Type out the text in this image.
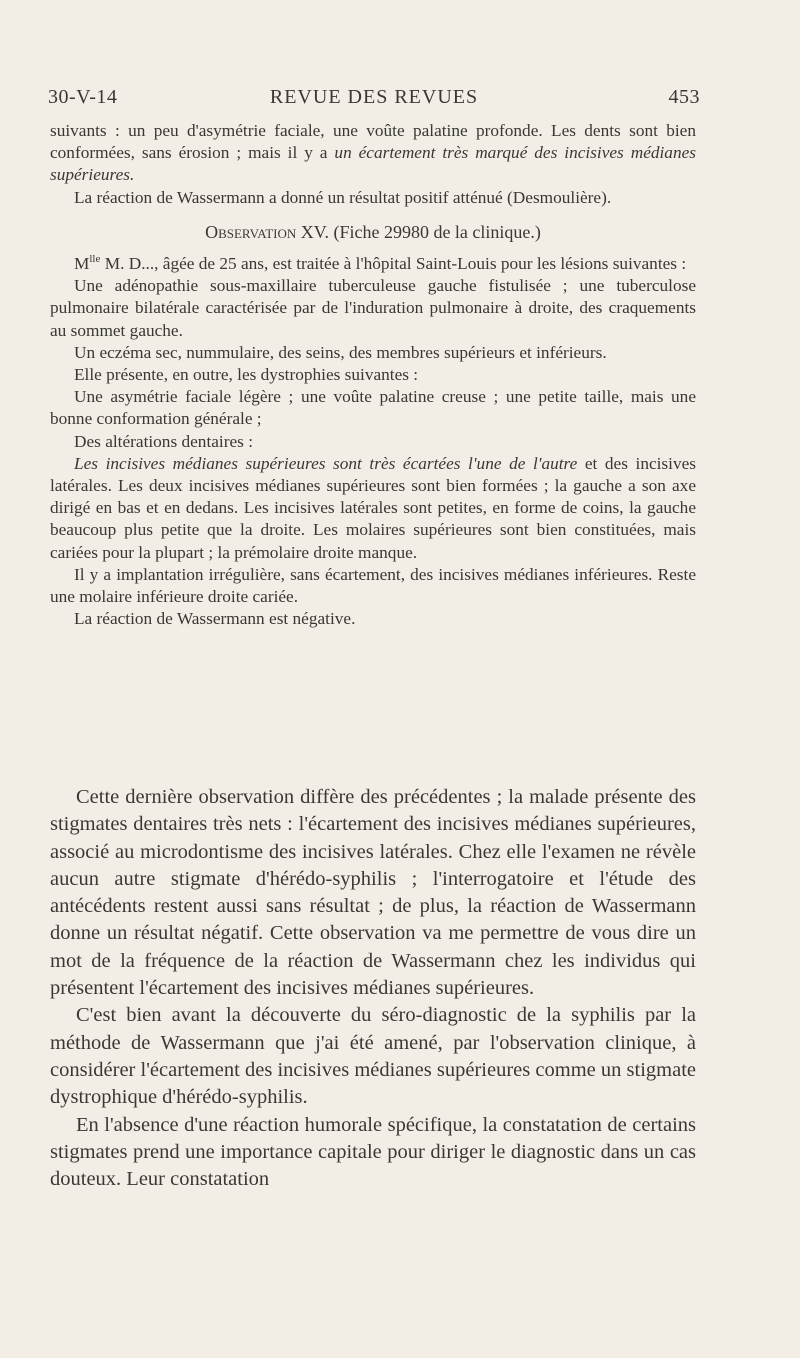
30-V-14	REVUE DES REVUES	453

suivants : un peu d'asymétrie faciale, une voûte palatine profonde. Les dents sont bien conformées, sans érosion ; mais il y a un écartement très marqué des incisives médianes supérieures.

La réaction de Wassermann a donné un résultat positif atténué (Desmoulière).

Observation XV. (Fiche 29980 de la clinique.)

$M^{lle}$ M. D..., âgée de 25 ans, est traitée à l'hôpital Saint-Louis pour les lésions suivantes :

Une adénopathie sous-maxillaire tuberculeuse gauche fistulisée ; une tuberculose pulmonaire bilatérale caractérisée par de l'induration pulmonaire à droite, des craquements au sommet gauche.

Un eczéma sec, nummulaire, des seins, des membres supérieurs et inférieurs.

Elle présente, en outre, les dystrophies suivantes :

Une asymétrie faciale légère ; une voûte palatine creuse ; une petite taille, mais une bonne conformation générale ;

Des altérations dentaires :

Les incisives médianes supérieures sont très écartées l'une de l'autre et des incisives latérales. Les deux incisives médianes supérieures sont bien formées ; la gauche a son axe dirigé en bas et en dedans. Les incisives latérales sont petites, en forme de coins, la gauche beaucoup plus petite que la droite. Les molaires supérieures sont bien constituées, mais cariées pour la plupart ; la prémolaire droite manque.

Il y a implantation irrégulière, sans écartement, des incisives médianes inférieures. Reste une molaire inférieure droite cariée.

La réaction de Wassermann est négative.

Cette dernière observation diffère des précédentes ; la malade présente des stigmates dentaires très nets : l'écartement des incisives médianes supérieures, associé au microdontisme des incisives latérales. Chez elle l'examen ne révèle aucun autre stigmate d'hérédo-syphilis ; l'interrogatoire et l'étude des antécédents restent aussi sans résultat ; de plus, la réaction de Wassermann donne un résultat négatif. Cette observation va me permettre de vous dire un mot de la fréquence de la réaction de Wassermann chez les individus qui présentent l'écartement des incisives médianes supérieures.

C'est bien avant la découverte du séro-diagnostic de la syphilis par la méthode de Wassermann que j'ai été amené, par l'observation clinique, à considérer l'écartement des incisives médianes supérieures comme un stigmate dystrophique d'hérédo-syphilis.

En l'absence d'une réaction humorale spécifique, la constatation de certains stigmates prend une importance capitale pour diriger le diagnostic dans un cas douteux. Leur constatation
